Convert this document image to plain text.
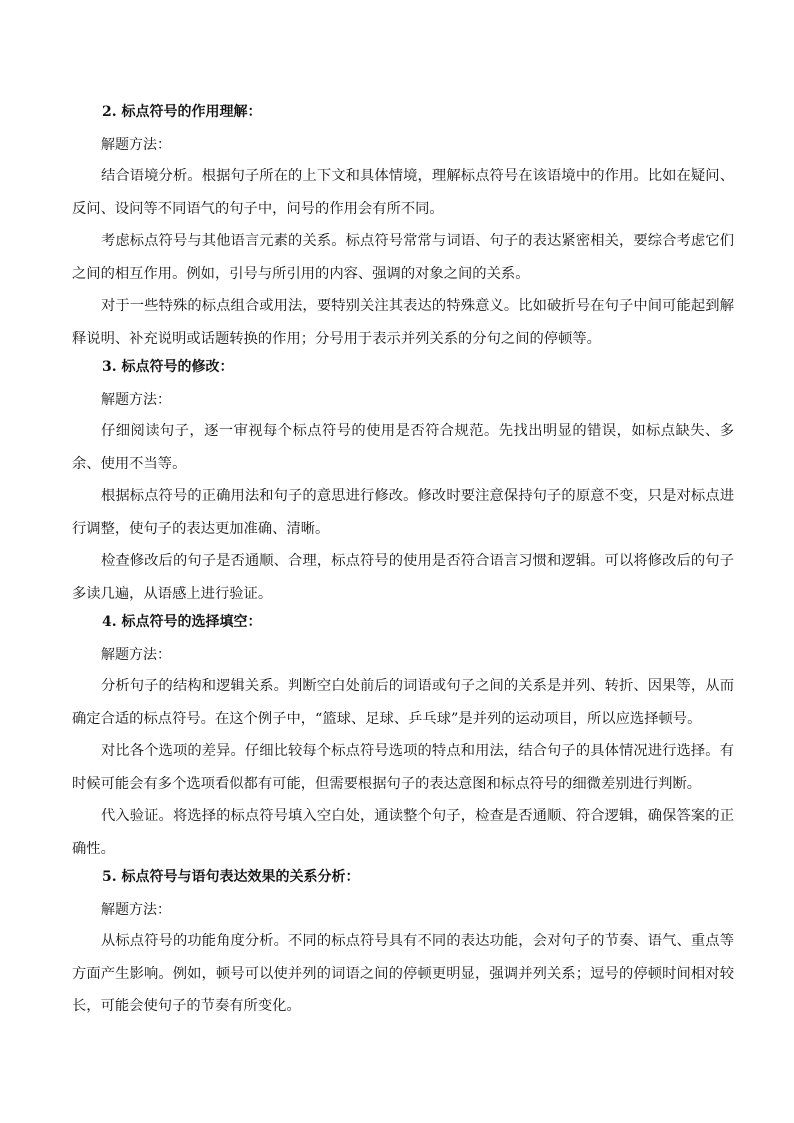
2. 标点符号的作用理解：

解题方法：

结合语境分析。根据句子所在的上下文和具体情境，理解标点符号在该语境中的作用。比如在疑问、反问、设问等不同语气的句子中，问号的作用会有所不同。

考虑标点符号与其他语言元素的关系。标点符号常常与词语、句子的表达紧密相关，要综合考虑它们之间的相互作用。例如，引号与所引用的内容、强调的对象之间的关系。

对于一些特殊的标点组合或用法，要特别关注其表达的特殊意义。比如破折号在句子中间可能起到解释说明、补充说明或话题转换的作用；分号用于表示并列关系的分句之间的停顿等。

3. 标点符号的修改：

解题方法：

仔细阅读句子，逐一审视每个标点符号的使用是否符合规范。先找出明显的错误，如标点缺失、多余、使用不当等。

根据标点符号的正确用法和句子的意思进行修改。修改时要注意保持句子的原意不变，只是对标点进行调整，使句子的表达更加准确、清晰。

检查修改后的句子是否通顺、合理，标点符号的使用是否符合语言习惯和逻辑。可以将修改后的句子多读几遍，从语感上进行验证。

4. 标点符号的选择填空：

解题方法：

分析句子的结构和逻辑关系。判断空白处前后的词语或句子之间的关系是并列、转折、因果等，从而确定合适的标点符号。在这个例子中，“篮球、足球、乒乓球”是并列的运动项目，所以应选择顿号。

对比各个选项的差异。仔细比较每个标点符号选项的特点和用法，结合句子的具体情况进行选择。有时候可能会有多个选项看似都有可能，但需要根据句子的表达意图和标点符号的细微差别进行判断。

代入验证。将选择的标点符号填入空白处，通读整个句子，检查是否通顺、符合逻辑，确保答案的正确性。

5. 标点符号与语句表达效果的关系分析：

解题方法：

从标点符号的功能角度分析。不同的标点符号具有不同的表达功能，会对句子的节奏、语气、重点等方面产生影响。例如，顿号可以使并列的词语之间的停顿更明显，强调并列关系；逗号的停顿时间相对较长，可能会使句子的节奏有所变化。
